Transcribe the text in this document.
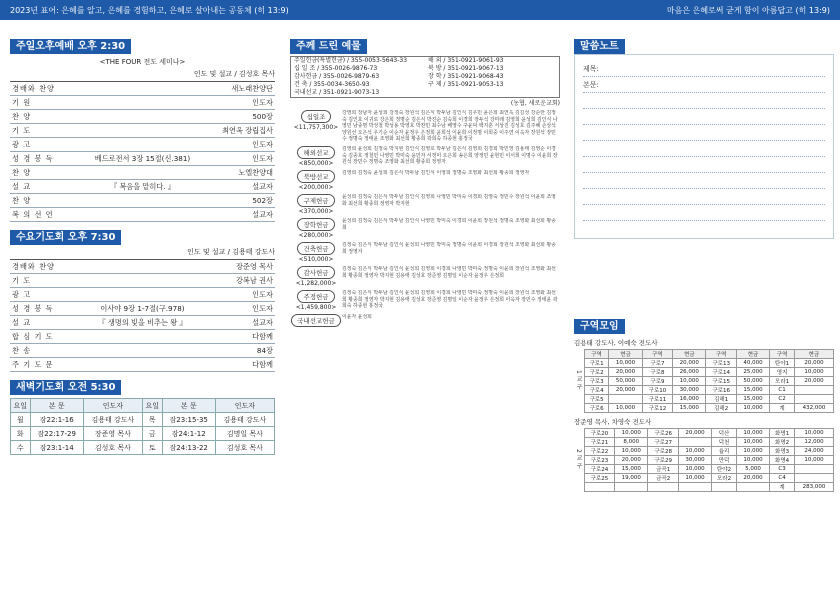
2023년 표어: 은혜를 알고, 은혜를 경험하고, 은혜로 살아내는 공동체 (히 13:9)	마음은 은혜로써 굳게 함이 아름답고 (히 13:9)
주일오후예배 오후 2:30
<THE FOUR 전도 세미나>
인도 및 설교 / 김성호 목사
경배와 찬양	새노래찬양단
기 원	인도자
찬 양	500장
기 도	최연옥 장립집사
광 고	인도자
성 경 봉 독	베드로전서 3장 15절(신.381)	인도자
찬 양	노엘찬양대
설 교	『 복음을 맡히다. 』	설교자
찬 양	502장
복 의 선 언	설교자
수요기도회 오후 7:30
인도 및 설교 / 김용태 강도사
경배와 찬양	장준영 목사
기 도	강복남 권사
광 고	인도자
성 경 봉 독	이사야 9장 1-7절(구.978)	인도자
설 교	『 생명의 빛을 비추는 왕 』	설교자
합 심 기 도	다함께
찬 송	84장
주 기 도 문	다함께
새벽기도회 오전 5:30
요일	본 문	인도자	요일	본 문	인도자
월	잠22:1-16	김용태 강도사	목	잠23:15-35	김용태 강도사
화	잠22:17-29	장준영 목사	금	잠24:1-12	김명일 목사
수	잠23:1-14	김성호 목사	토	잠24:13-22	김성호 목사
주께 드린 예물
주일헌금(특별헌금) / 355-0053-5643-33	해 외 / 351-0921-9061-93
십 일 조 / 355-0026-9876-73	북 방 / 351-0921-9067-13
감사헌금 / 355-0026-9879-63	장 학 / 351-0921-9068-43
건 축 / 355-0034-3650-93	구 제 / 351-0921-9053-13
국내선교 / 351-0921-9073-13
(농협, 새로운교회)
십일조
<11,757,300>
강영희 장남자 윤성희 강정숙 장원석 김은식 박두남 김인식 김우민 윤은희 최연옥 김길성 강순한 김정숙 김인호 이귀로 강은희 정명순 김은식 박진순 김숙희 이경희 장두석 강미래 김영희 윤성희 김인식 나영민 남종명 박성철 박성용 박영호 박찬민 최수남 배영수 구윤덕 백지훈 서상진 김성호 김주혜 손상석 양원선 오은석 우기순 이순자 윤정우 은정희 윤희석 이윤희 이정명 이희중 이주연 이옥자 장원석 장민수 정명숙 정태윤 조영화 최선희 황종희 곽희숙 하종현 홍정국
해외선교
<850,000>
김영희 윤성희 김정숙 박지현 김인식 김영호 박두남 김은식 김영희 김경희 박민영 김용태 김영순 이경숙 김종호 정철민 나영민 박미숙 윤민자 서정미 오은희 송은희 양정민 윤현민 이서희 이명수 이윤희 장원석 장민수 정명숙 조영화 최선희 황종희 정영자
북방선교
<200,000>
김영희 김정숙 윤성희 김은식 박두남 김인식 이영희 정명숙 조영화 최선희 황종희 정영자
구제헌금
<370,000>
윤성희 김정숙 김은식 박두남 김인식 김영희 나영민 박미숙 이경희 김영숙 정민수 장원석 이윤희 조영화 최선희 황종희 정영자 박지현
장학헌금
<280,000>
윤성희 김정숙 김은식 박두남 김인식 나영민 박미숙 이경희 이윤희 장원석 정명숙 조영화 최선희 황종희
건축헌금
<510,000>
김정숙 김은식 박두남 김인식 윤성희 나영민 박미숙 정명숙 이윤희 이경희 장원석 조영화 최선희 황종희 정영자
감사헌금
<1,282,000>
김정숙 김은식 박두남 김인식 윤성희 김영희 이경희 나영민 박미숙 정명숙 이윤희 장원석 조영화 최선희 황종희 정영자 박지현 김용태 김성호 장준영 김명일 이순자 윤정우 은정희
주정헌금
<1,459,800>
김정숙 김은식 박두남 김인식 윤성희 김영희 이경희 나영민 박미숙 정명숙 이윤희 장원석 조영화 최선희 황종희 정영자 박지현 김용태 김성호 장준영 김명일 이순자 윤정우 은정희 이옥자 장민수 정태윤 곽희숙 하종현 홍정국
국내선교헌금	이윤자 윤성희
말씀노트
제목:
본문:
구역모임
김용태 강도사, 이예숙 전도사
1 교 구
구역	현금	구역	현금	구역	현금	구역	현금
구로1	10,000	구로7	20,000	구로13	40,000	탄야1	20,000
구로2	20,000	구로8	26,000	구로14	25,000	영지	10,000
구로3	50,000	구로9	10,000	구로15	50,000	모라1	20,000
구로4	20,000	구로10	30,000	구로16	15,000	C1	
구로5		구로11	16,000	김해1	15,000	C2	
구로6	10,000	구로12	15,000	김해2	10,000	계	432,000
장준영 목사, 차영숙 전도사
2 교 구
구로20	10,000	구로26	20,000	덕산	10,000	화명1	10,000
구로21	8,000	구로27		덕천	10,000	화명2	12,000
구로22	10,000	구로28	10,000	율리	10,000	화명3	24,000
구로23	20,000	구로29	30,000	만덕	10,000	화명4	10,000
구로24	15,000	금곡1	10,000	탄야2	5,000	C3	
구로25	19,000	금곡2	10,000	모라2	20,000	C4	
						계	283,000
